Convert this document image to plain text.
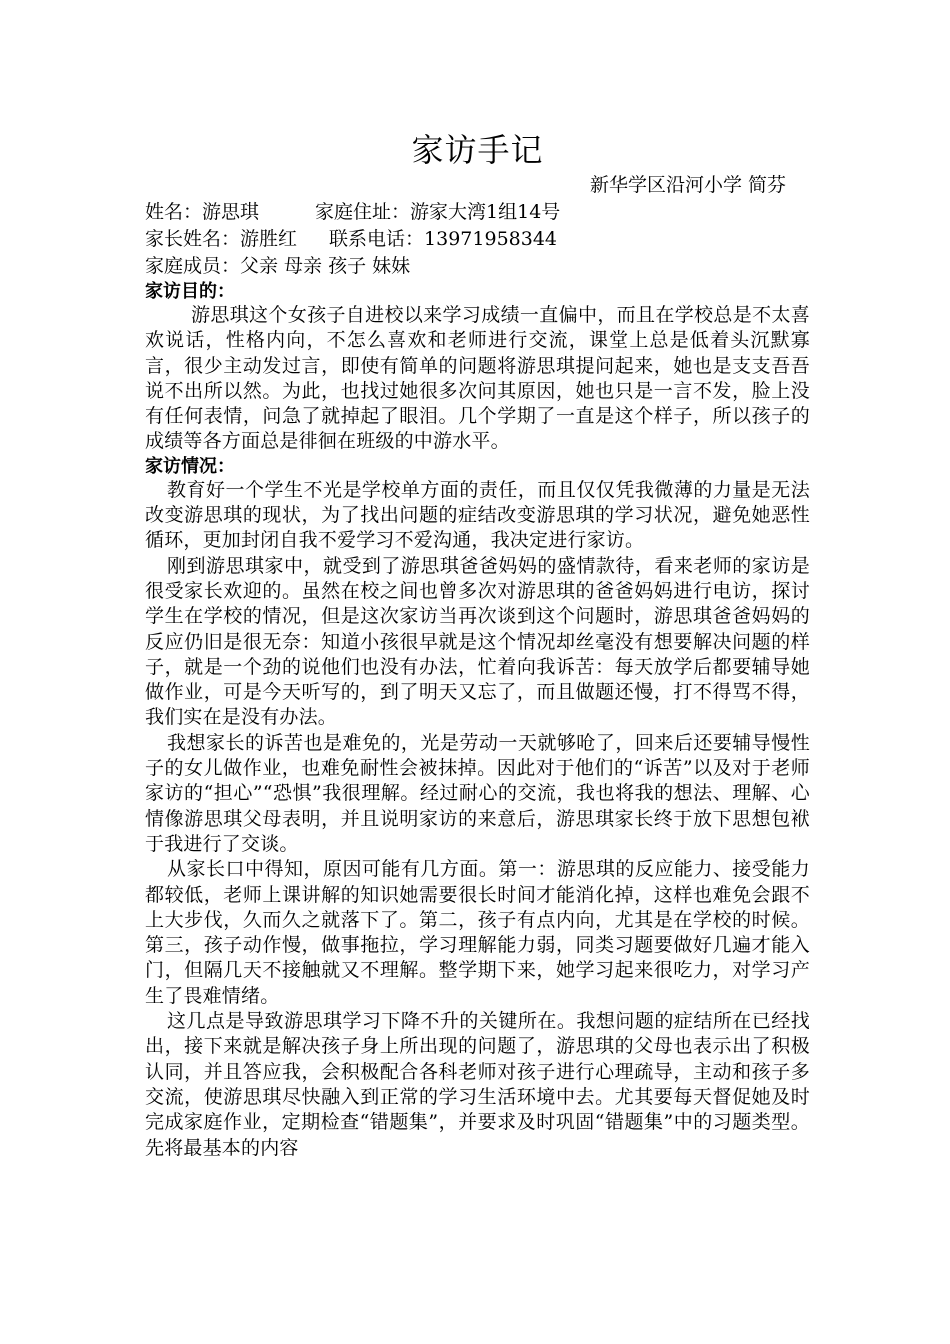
家访手记
新华学区沿河小学 简芬
姓名：游思琪	家庭住址：游家大湾1组14号
家长姓名：游胜红 联系电话：13971958344
家庭成员：父亲 母亲 孩子 妹妹
家访目的：

游思琪这个女孩子自进校以来学习成绩一直偏中，而且在学校总是不太喜欢说话，性格内向，不怎么喜欢和老师进行交流，课堂上总是低着头沉默寡言，很少主动发过言，即使有简单的问题将游思琪提问起来，她也是支支吾吾说不出所以然。为此，也找过她很多次问其原因，她也只是一言不发，脸上没有任何表情，问急了就掉起了眼泪。几个学期了一直是这个样子，所以孩子的成绩等各方面总是徘徊在班级的中游水平。

家访情况：

教育好一个学生不光是学校单方面的责任，而且仅仅凭我微薄的力量是无法改变游思琪的现状，为了找出问题的症结改变游思琪的学习状况，避免她恶性循环，更加封闭自我不爱学习不爱沟通，我决定进行家访。

刚到游思琪家中，就受到了游思琪爸爸妈妈的盛情款待，看来老师的家访是很受家长欢迎的。虽然在校之间也曾多次对游思琪的爸爸妈妈进行电访，探讨学生在学校的情况，但是这次家访当再次谈到这个问题时，游思琪爸爸妈妈的反应仍旧是很无奈：知道小孩很早就是这个情况却丝毫没有想要解决问题的样子，就是一个劲的说他们也没有办法，忙着向我诉苦：每天放学后都要辅导她做作业，可是今天听写的，到了明天又忘了，而且做题还慢，打不得骂不得，我们实在是没有办法。

我想家长的诉苦也是难免的，光是劳动一天就够呛了，回来后还要辅导慢性子的女儿做作业，也难免耐性会被抹掉。因此对于他们的“诉苦”以及对于老师家访的“担心”“恐惧”我很理解。经过耐心的交流，我也将我的想法、理解、心情像游思琪父母表明，并且说明家访的来意后，游思琪家长终于放下思想包袱于我进行了交谈。

从家长口中得知，原因可能有几方面。第一：游思琪的反应能力、接受能力都较低，老师上课讲解的知识她需要很长时间才能消化掉，这样也难免会跟不上大步伐，久而久之就落下了。第二，孩子有点内向，尤其是在学校的时候。第三，孩子动作慢，做事拖拉，学习理解能力弱，同类习题要做好几遍才能入门，但隔几天不接触就又不理解。整学期下来，她学习起来很吃力，对学习产生了畏难情绪。

这几点是导致游思琪学习下降不升的关键所在。我想问题的症结所在已经找出，接下来就是解决孩子身上所出现的问题了，游思琪的父母也表示出了积极认同，并且答应我，会积极配合各科老师对孩子进行心理疏导，主动和孩子多交流，使游思琪尽快融入到正常的学习生活环境中去。尤其要每天督促她及时完成家庭作业，定期检查“错题集”，并要求及时巩固“错题集”中的习题类型。先将最基本的内容
